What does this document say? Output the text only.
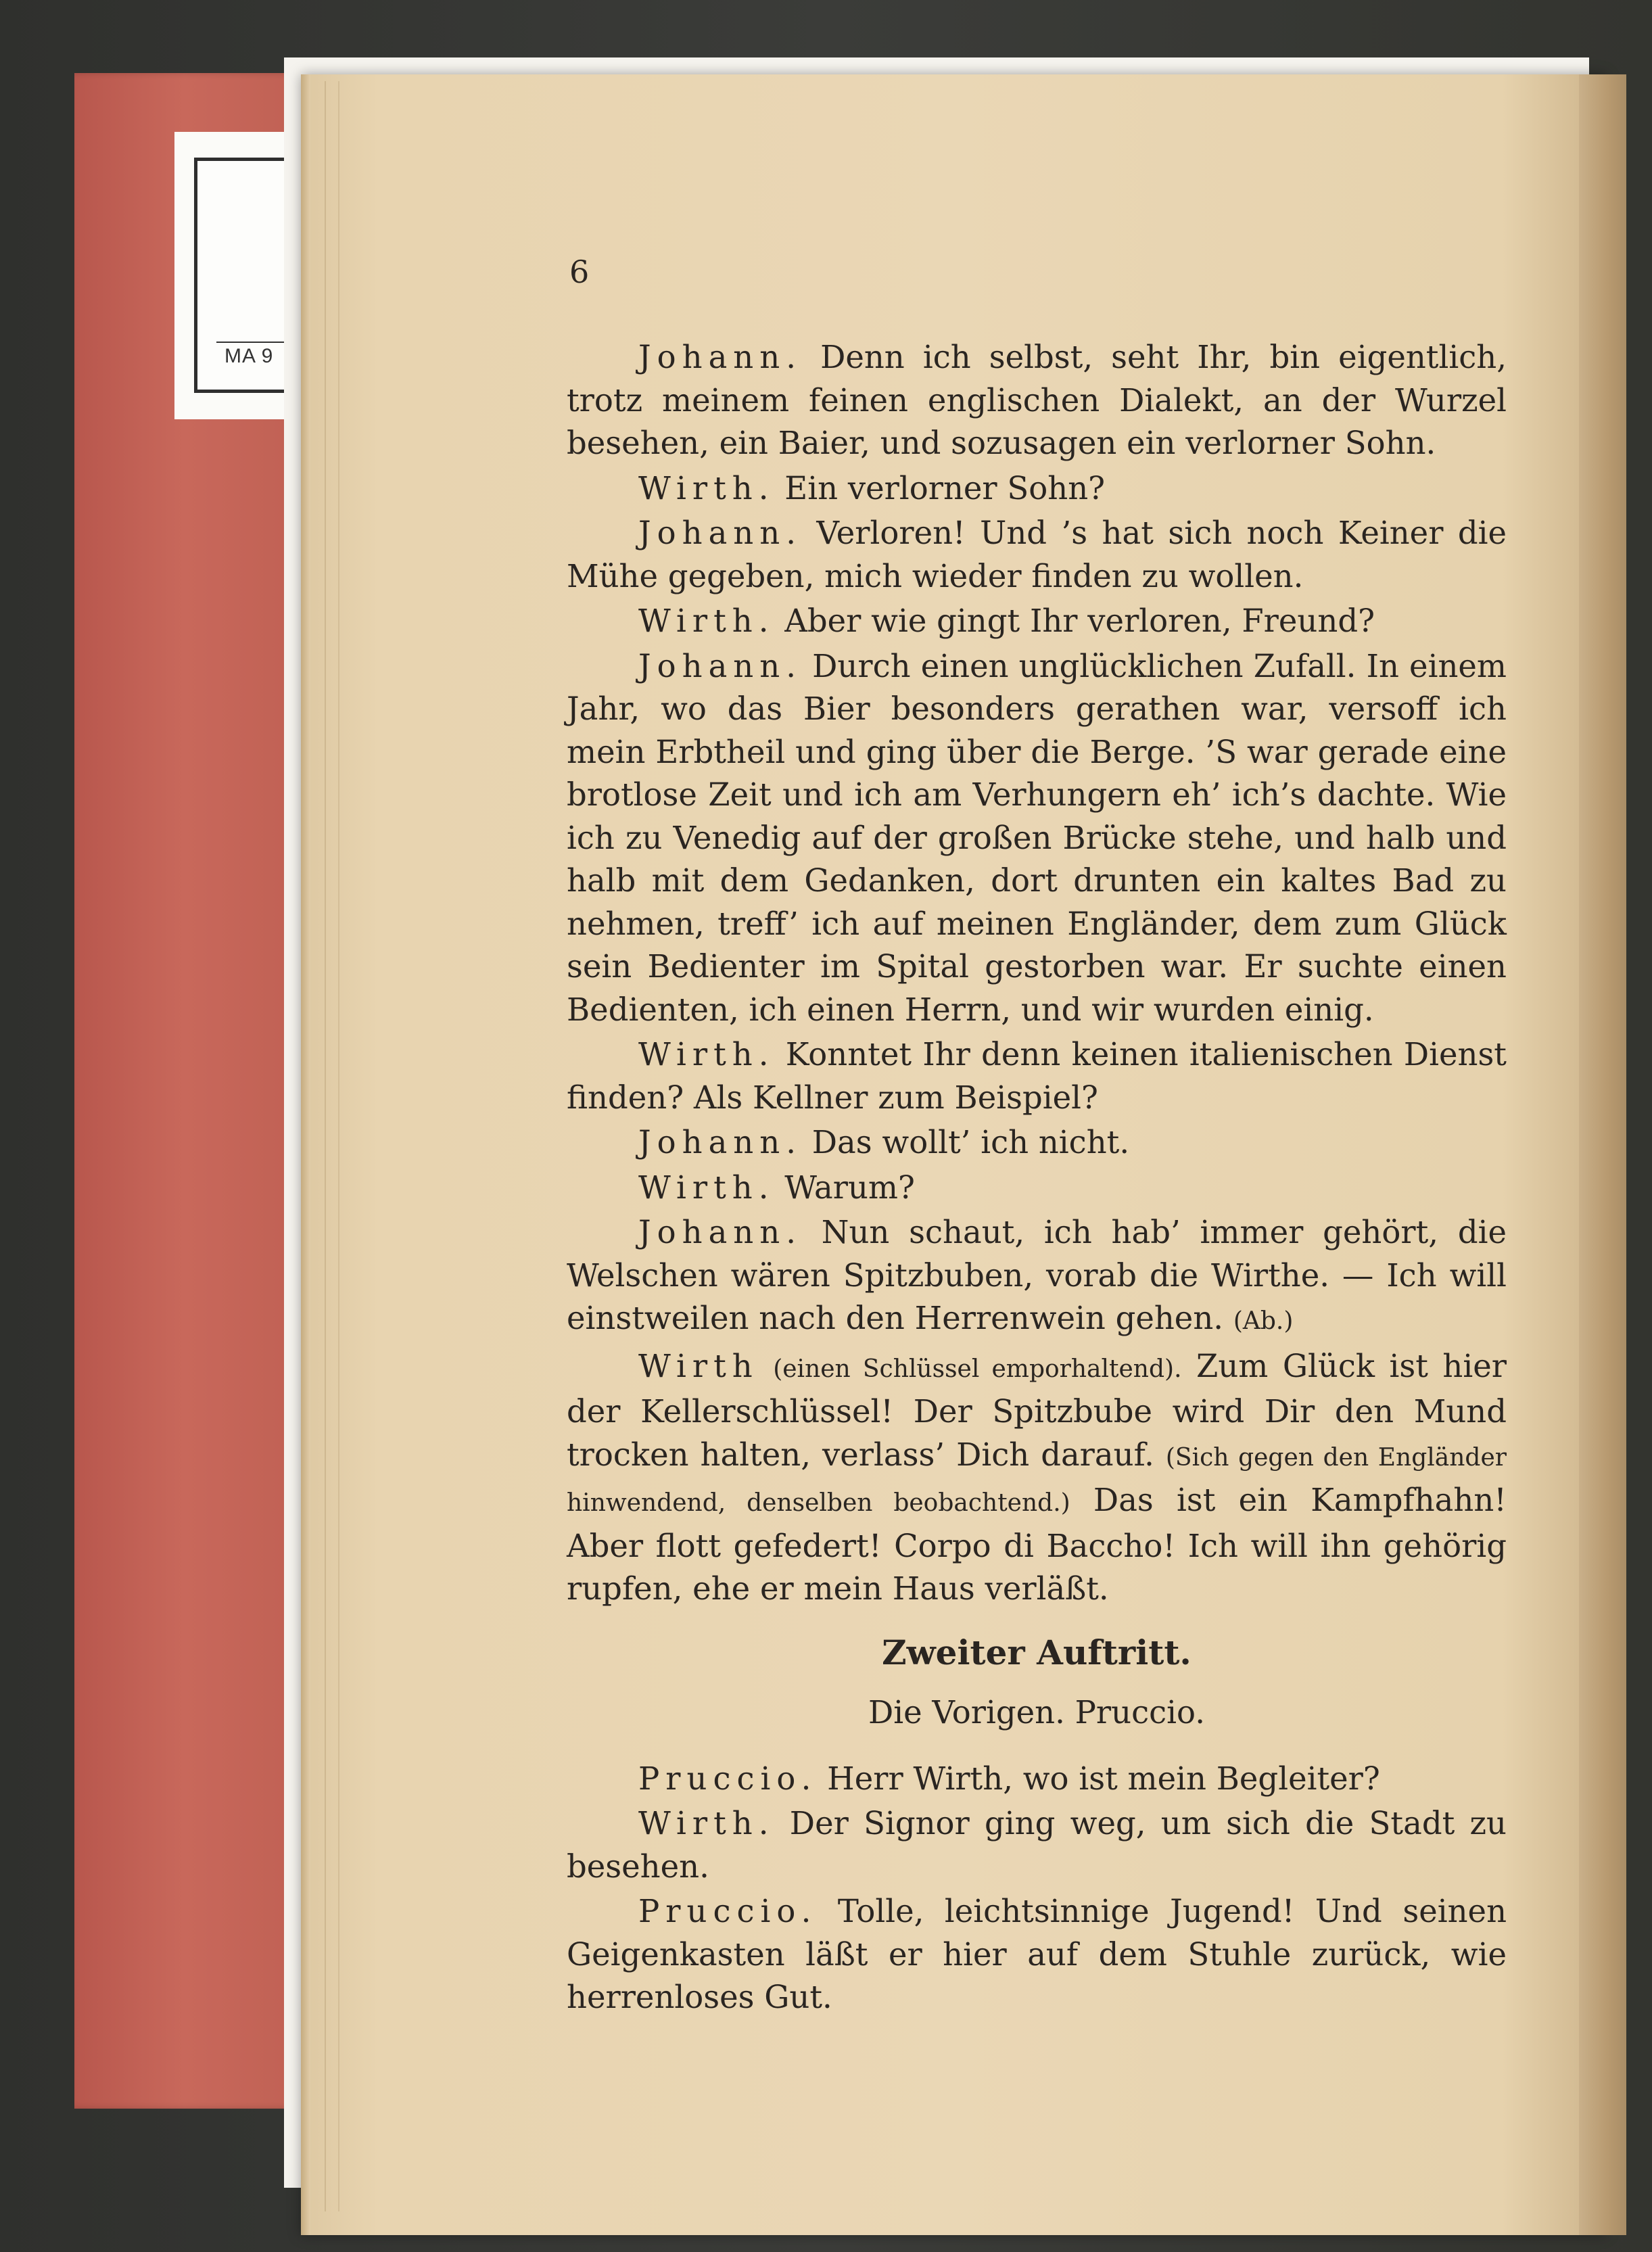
MA 9
6

Johann. Denn ich selbst, seht Ihr, bin eigentlich, trotz meinem feinen englischen Dialekt, an der Wurzel besehen, ein Baier, und sozusagen ein verlorner Sohn.

Wirth. Ein verlorner Sohn?

Johann. Verloren! Und ’s hat sich noch Keiner die Mühe gegeben, mich wieder finden zu wollen.

Wirth. Aber wie gingt Ihr verloren, Freund?

Johann. Durch einen unglücklichen Zufall. In einem Jahr, wo das Bier besonders gerathen war, versoff ich mein Erbtheil und ging über die Berge. ’S war gerade eine brotlose Zeit und ich am Verhungern eh’ ich’s dachte. Wie ich zu Venedig auf der großen Brücke stehe, und halb und halb mit dem Gedanken, dort drunten ein kaltes Bad zu nehmen, treff’ ich auf meinen Engländer, dem zum Glück sein Bedienter im Spital gestorben war. Er suchte einen Bedienten, ich einen Herrn, und wir wurden einig.

Wirth. Konntet Ihr denn keinen italienischen Dienst finden? Als Kellner zum Beispiel?

Johann. Das wollt’ ich nicht.

Wirth. Warum?

Johann. Nun schaut, ich hab’ immer gehört, die Welschen wären Spitzbuben, vorab die Wirthe. — Ich will einstweilen nach den Herrenwein gehen. (Ab.)

Wirth (einen Schlüssel emporhaltend). Zum Glück ist hier der Kellerschlüssel! Der Spitzbube wird Dir den Mund trocken halten, verlass’ Dich darauf. (Sich gegen den Engländer hinwendend, denselben beobachtend.) Das ist ein Kampfhahn! Aber flott gefedert! Corpo di Baccho! Ich will ihn gehörig rupfen, ehe er mein Haus verläßt.

Zweiter Auftritt.

Die Vorigen. Pruccio.

Pruccio. Herr Wirth, wo ist mein Begleiter?

Wirth. Der Signor ging weg, um sich die Stadt zu besehen.

Pruccio. Tolle, leichtsinnige Jugend! Und seinen Geigenkasten läßt er hier auf dem Stuhle zurück, wie herrenloses Gut.
